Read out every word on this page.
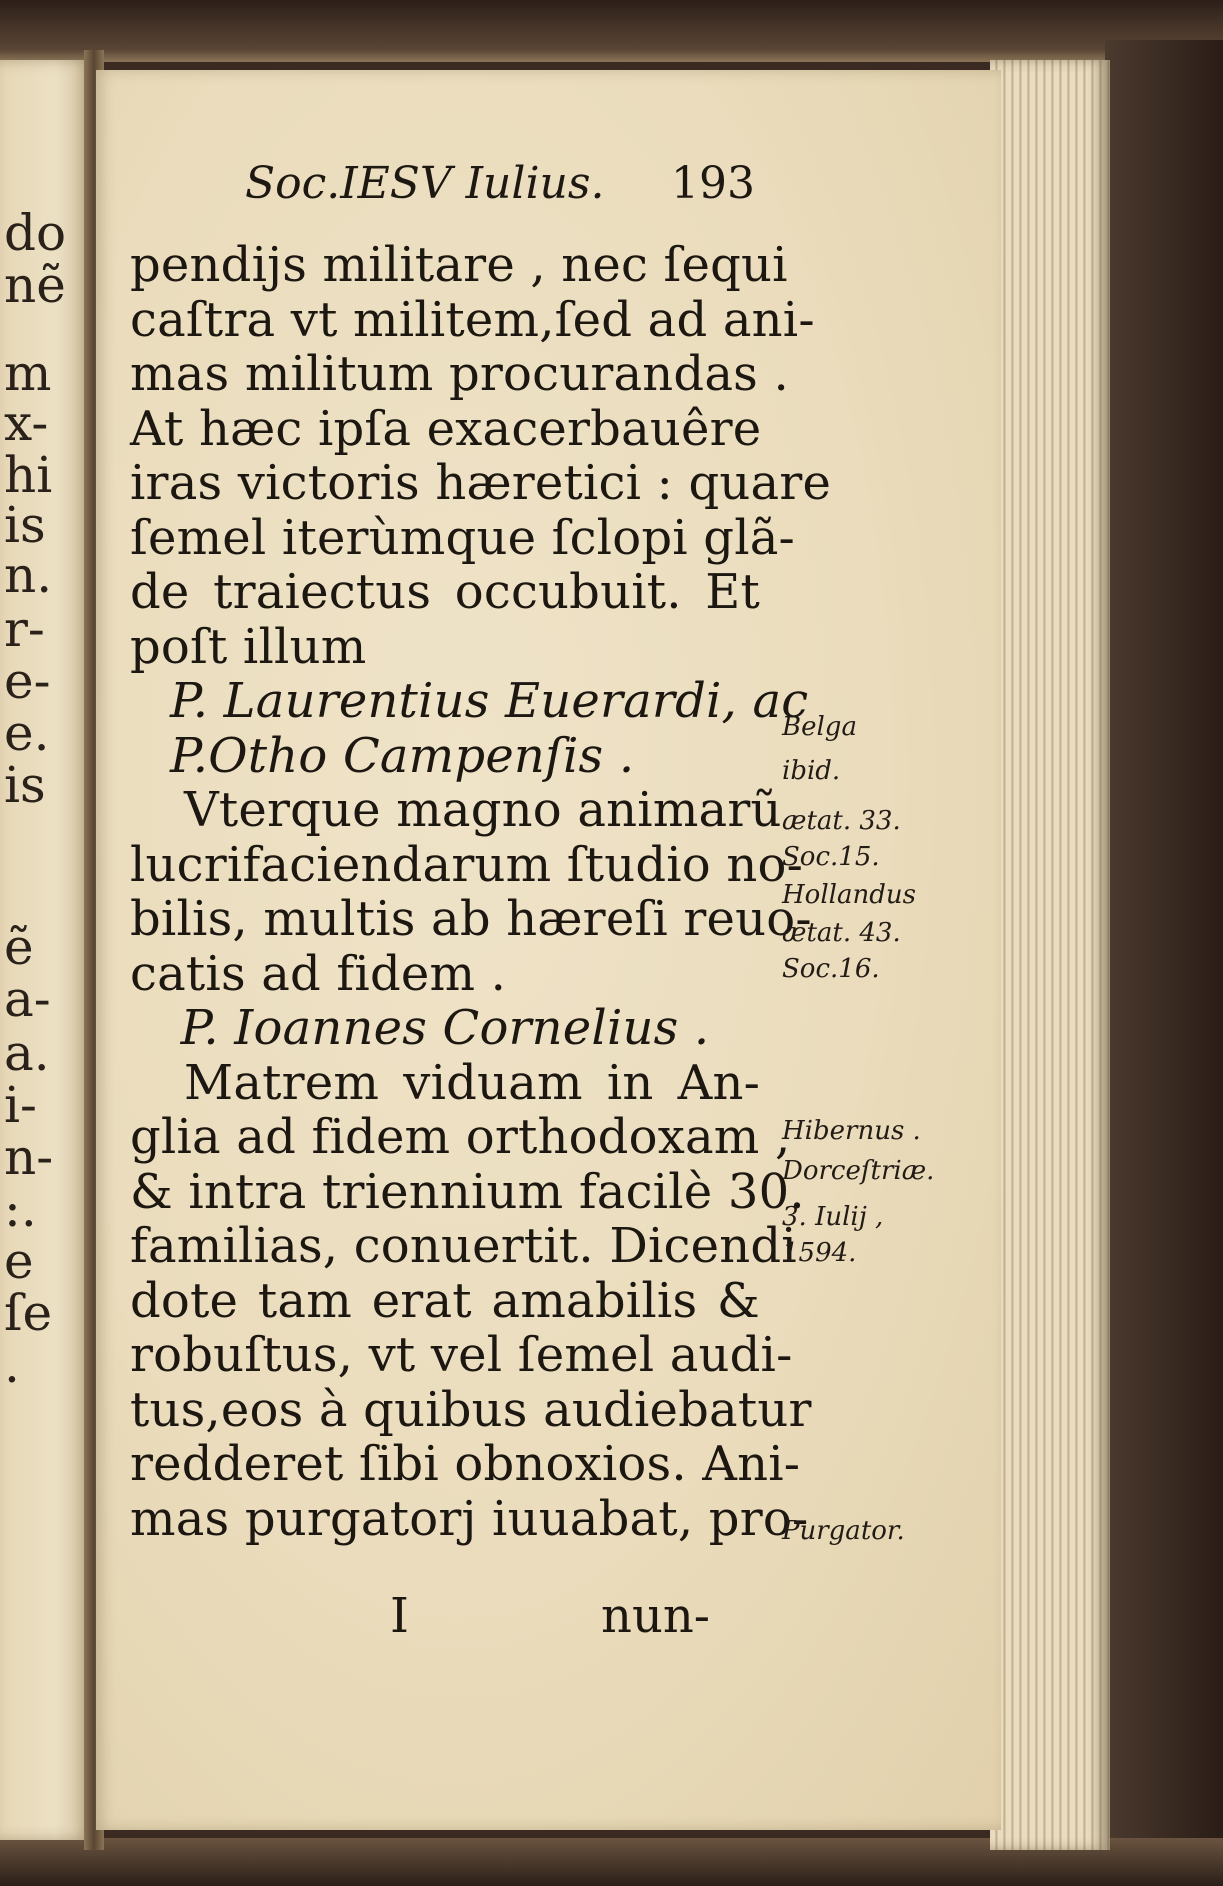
do
nẽ
m
x-
hi
is
n.
r-
e-
e.
is
ẽ
a-
a.
i-
n-
:.
e
ſe
.
Soc.IESV Iulius. 193
pendijs militare , nec ſequi
caſtra vt militem,ſed ad ani-
mas militum procurandas .
At hæc ipſa exacerbauêre
iras victoris hæretici : quare
ſemel iterùmque ſclopi glã-
de traiectus occubuit. Et
poſt illum
P. Laurentius Euerardi, ac
P.Otho Campenſis .
Vterque magno animarũ
lucrifaciendarum ſtudio no-
bilis, multis ab hæreſi reuo-
catis ad fidem .
P. Ioannes Cornelius .
Matrem viduam in An-
glia ad fidem orthodoxam ,
& intra triennium facilè 30.
familias, conuertit. Dicendi
dote tam erat amabilis &
robuſtus, vt vel ſemel audi-
tus,eos à quibus audiebatur
redderet ſibi obnoxios. Ani-
mas purgatorj iuuabat, pro-
I	nun-
Belga
ibid.
ætat. 33.
Soc.15.
Hollandus
ætat. 43.
Soc.16.
Hibernus .
Dorceſtriæ.
3. Iulij ,
1594.
Purgator.
